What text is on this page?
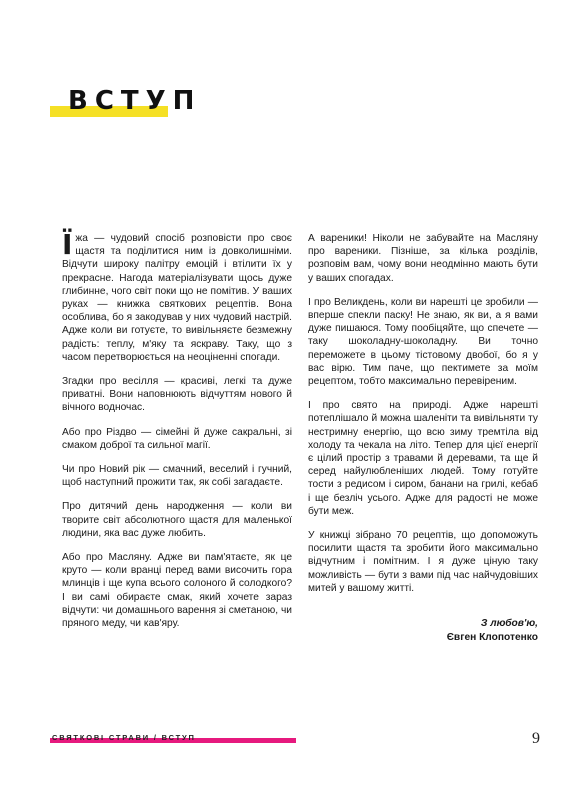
ВСТУП

Їжа — чудовий спосіб розповісти про своє щастя та поділитися ним із довколишніми. Відчути широку палітру емоцій і втілити їх у прекрасне. Нагода матеріалізувати щось дуже глибинне, чого світ поки що не помітив. У ваших руках — книжка святкових рецептів. Вона особлива, бо я закодував у них чудовий настрій. Адже коли ви готуєте, то вивільняєте безмежну радість: теплу, м'яку та яскраву. Таку, що з часом перетворюється на неоціненні спогади.

Згадки про весілля — красиві, легкі та дуже приватні. Вони наповнюють відчуттям нового й вічного водночас.

Або про Різдво — сімейні й дуже сакральні, зі смаком доброї та сильної магії.

Чи про Новий рік — смачний, веселий і гучний, щоб наступний прожити так, як собі загадаєте.

Про дитячий день народження — коли ви творите світ абсолютного щастя для маленької людини, яка вас дуже любить.

Або про Масляну. Адже ви пам'ятаєте, як це круто — коли вранці перед вами височить гора млинців і ще купа всього солоного й солодкого? І ви самі обираєте смак, який хочете зараз відчути: чи домашнього варення зі сметаною, чи пряного меду, чи кав'яру.

А вареники! Ніколи не забувайте на Масляну про вареники. Пізніше, за кілька розділів, розповім вам, чому вони неодмінно мають бути у ваших спогадах.

І про Великдень, коли ви нарешті це зробили — вперше спекли паску! Не знаю, як ви, а я вами дуже пишаюся. Тому пообіцяйте, що спечете — таку шоколадну-шоколадну. Ви точно переможете в цьому тістовому двобої, бо я у вас вірю. Тим паче, що пектимете за моїм рецептом, тобто максимально перевіреним.

І про свято на природі. Адже нарешті потеплішало й можна шаленіти та вивільняти ту нестримну енергію, що всю зиму тремтіла від холоду та чекала на літо. Тепер для цієї енергії є цілий простір з травами й деревами, та ще й серед найулюбленіших людей. Тому готуйте тости з редисом і сиром, банани на грилі, кебаб і ще безліч усього. Адже для радості не може бути меж.

У книжці зібрано 70 рецептів, що допоможуть посилити щастя та зробити його максимально відчутним і помітним. І я дуже ціную таку можливість — бути з вами під час найчудовіших митей у вашому житті.

З любов'ю,
Євген Клопотенко
СВЯТКОВІ СТРАВИ / ВСТУП	9
